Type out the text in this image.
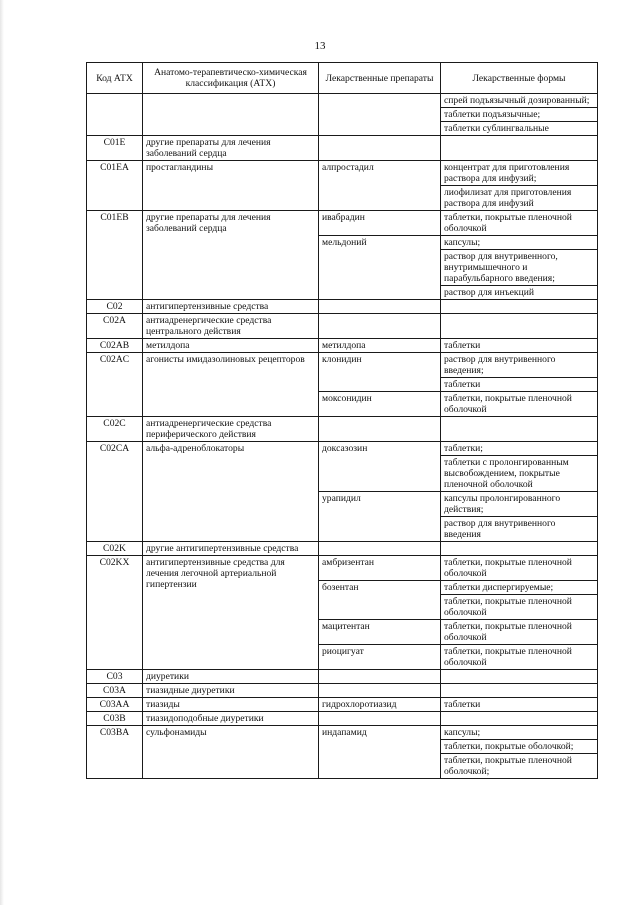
13
Код АТХ	Анатомо-терапевтическо-химическая классификация (АТХ)	Лекарственные препараты	Лекарственные формы
			спрей подъязычный дозированный;
			таблетки подъязычные;
			таблетки сублингвальные
C01E	другие препараты для лечения заболеваний сердца		
C01EA	простагландины	алпростадил	концентрат для приготовления раствора для инфузий;
			лиофилизат для приготовления раствора для инфузий
C01EB	другие препараты для лечения заболеваний сердца	ивабрадин	таблетки, покрытые пленочной оболочкой
		мельдоний	капсулы;
			раствор для внутривенного, внутримышечного и парабульбарного введения;
			раствор для инъекций
C02	антигипертензивные средства		
C02A	антиадренергические средства центрального действия		
C02AB	метилдопа	метилдопа	таблетки
C02AC	агонисты имидазолиновых рецепторов	клонидин	раствор для внутривенного введения;
			таблетки
		моксонидин	таблетки, покрытые пленочной оболочкой
C02C	антиадренергические средства периферического действия		
C02CA	альфа-адреноблокаторы	доксазозин	таблетки;
			таблетки с пролонгированным высвобождением, покрытые пленочной оболочкой
		урапидил	капсулы пролонгированного действия;
			раствор для внутривенного введения
C02K	другие антигипертензивные средства		
C02KX	антигипертензивные средства для лечения легочной артериальной гипертензии	амбризентан	таблетки, покрытые пленочной оболочкой
		бозентан	таблетки диспергируемые;
			таблетки, покрытые пленочной оболочкой
		мацитентан	таблетки, покрытые пленочной оболочкой
		риоцигуат	таблетки, покрытые пленочной оболочкой
C03	диуретики		
C03A	тиазидные диуретики		
C03AA	тиазиды	гидрохлоротиазид	таблетки
C03B	тиазидоподобные диуретики		
C03BA	сульфонамиды	индапамид	капсулы;
			таблетки, покрытые оболочкой;
			таблетки, покрытые пленочной оболочкой;
